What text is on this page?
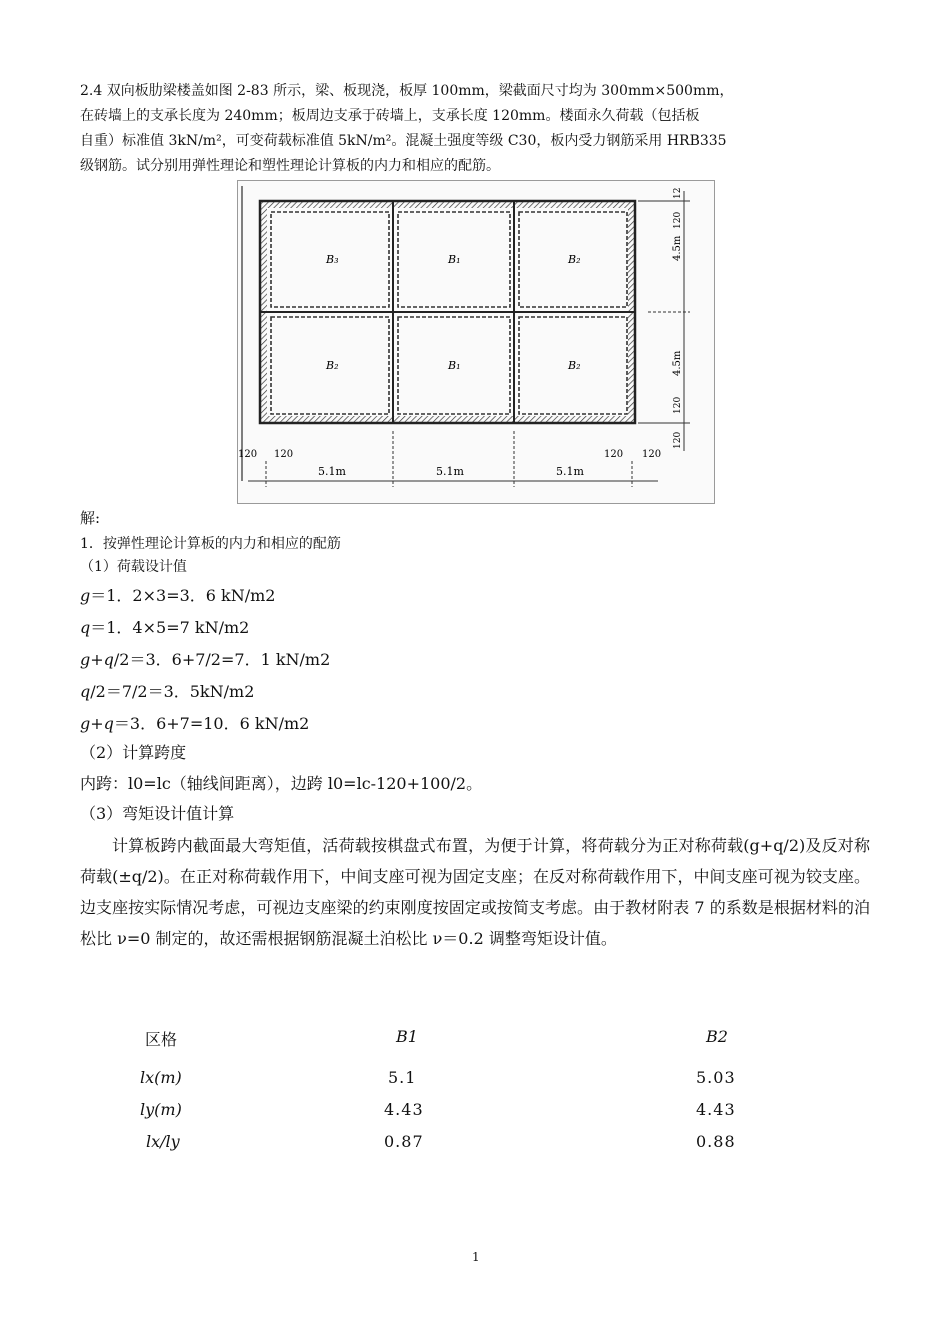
2.4 双向板肋梁楼盖如图 2-83 所示，梁、板现浇，板厚 100mm，梁截面尺寸均为 300mm×500mm，
在砖墙上的支承长度为 240mm；板周边支承于砖墙上，支承长度 120mm。楼面永久荷载（包括板
自重）标准值 3kN/m²，可变荷载标准值 5kN/m²。混凝土强度等级 C30，板内受力钢筋采用 HRB335
级钢筋。试分别用弹性理论和塑性理论计算板的内力和相应的配筋。
B₃	B₁	B₂
B₂	B₁	B₂
4.5m
4.5m
120
12
120
120
5.1m	5.1m	5.1m
120 120	120 120
解:
1．按弹性理论计算板的内力和相应的配筋
（1）荷载设计值
g＝1．2×3=3．6 kN/m2
q＝1．4×5=7 kN/m2
g+q/2＝3．6+7/2=7．1 kN/m2
q/2＝7/2＝3．5kN/m2
g+q＝3．6+7=10．6 kN/m2
（2）计算跨度
内跨：l0=lc（轴线间距离），边跨 l0=lc-120+100/2。
（3）弯矩设计值计算

计算板跨内截面最大弯矩值，活荷载按棋盘式布置，为便于计算，将荷载分为正对称荷载(g+q/2)及反对称荷载(±q/2)。在正对称荷载作用下，中间支座可视为固定支座；在反对称荷载作用下，中间支座可视为铰支座。边支座按实际情况考虑，可视边支座梁的约束刚度按固定或按简支考虑。由于教材附表 7 的系数是根据材料的泊松比 ν=0 制定的，故还需根据钢筋混凝土泊松比 ν＝0.2 调整弯矩设计值。

区格	B1	B2
lx(m)	5.1	5.03
ly(m)	4.43	4.43
lx/ly	0.87	0.88
1
